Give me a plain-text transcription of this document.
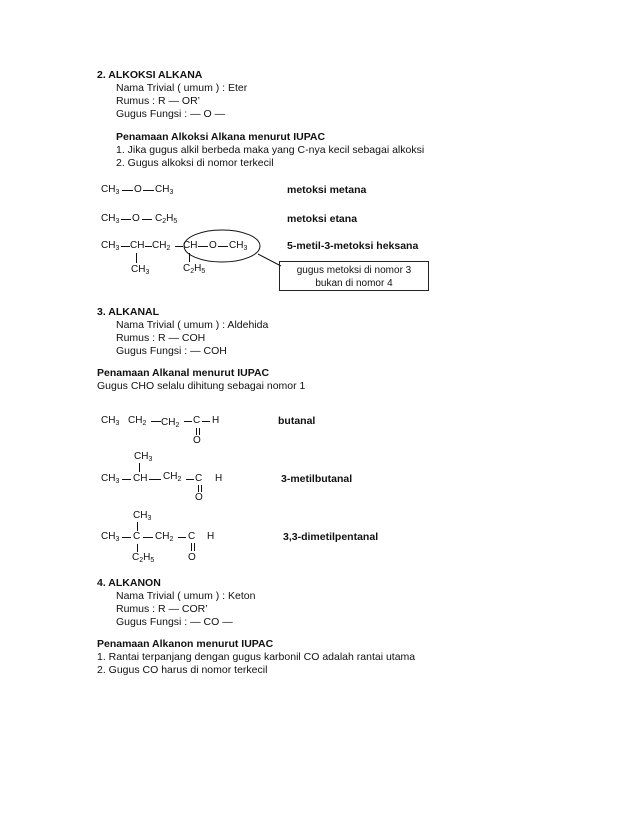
2. ALKOKSI ALKANA
Nama Trivial ( umum ) : Eter
Rumus : R — OR’
Gugus Fungsi : — O —
Penamaan Alkoksi Alkana menurut IUPAC
1. Jika gugus alkil berbeda maka yang C-nya kecil sebagai alkoksi
2. Gugus alkoksi di nomor terkecil
$CH_3$ O $CH_3$	metoksi metana
$CH_3$ O $C_2H_5$	metoksi etana
$CH_3$ CH $CH_2$ CH O $CH_3$
$CH_3$	$C_2H_5$
5-metil-3-metoksi heksana
gugus metoksi di nomor 3
bukan di nomor 4
3. ALKANAL
Nama Trivial ( umum ) : Aldehida
Rumus : R — COH
Gugus Fungsi : — COH
Penamaan Alkanal menurut IUPAC
Gugus CHO selalu dihitung sebagai nomor 1
$CH_3$ $CH_2$ $CH_2$ C H
O
butanal
$CH_3$
$CH_3$ CH $CH_2$ C H
O
3-metilbutanal
$CH_3$
$CH_3$ C $CH_2$ C H
$C_2H_5$	O
3,3-dimetilpentanal
4. ALKANON
Nama Trivial ( umum ) : Keton
Rumus : R — COR’
Gugus Fungsi : — CO —
Penamaan Alkanon menurut IUPAC
1. Rantai terpanjang dengan gugus karbonil CO adalah rantai utama
2. Gugus CO harus di nomor terkecil
